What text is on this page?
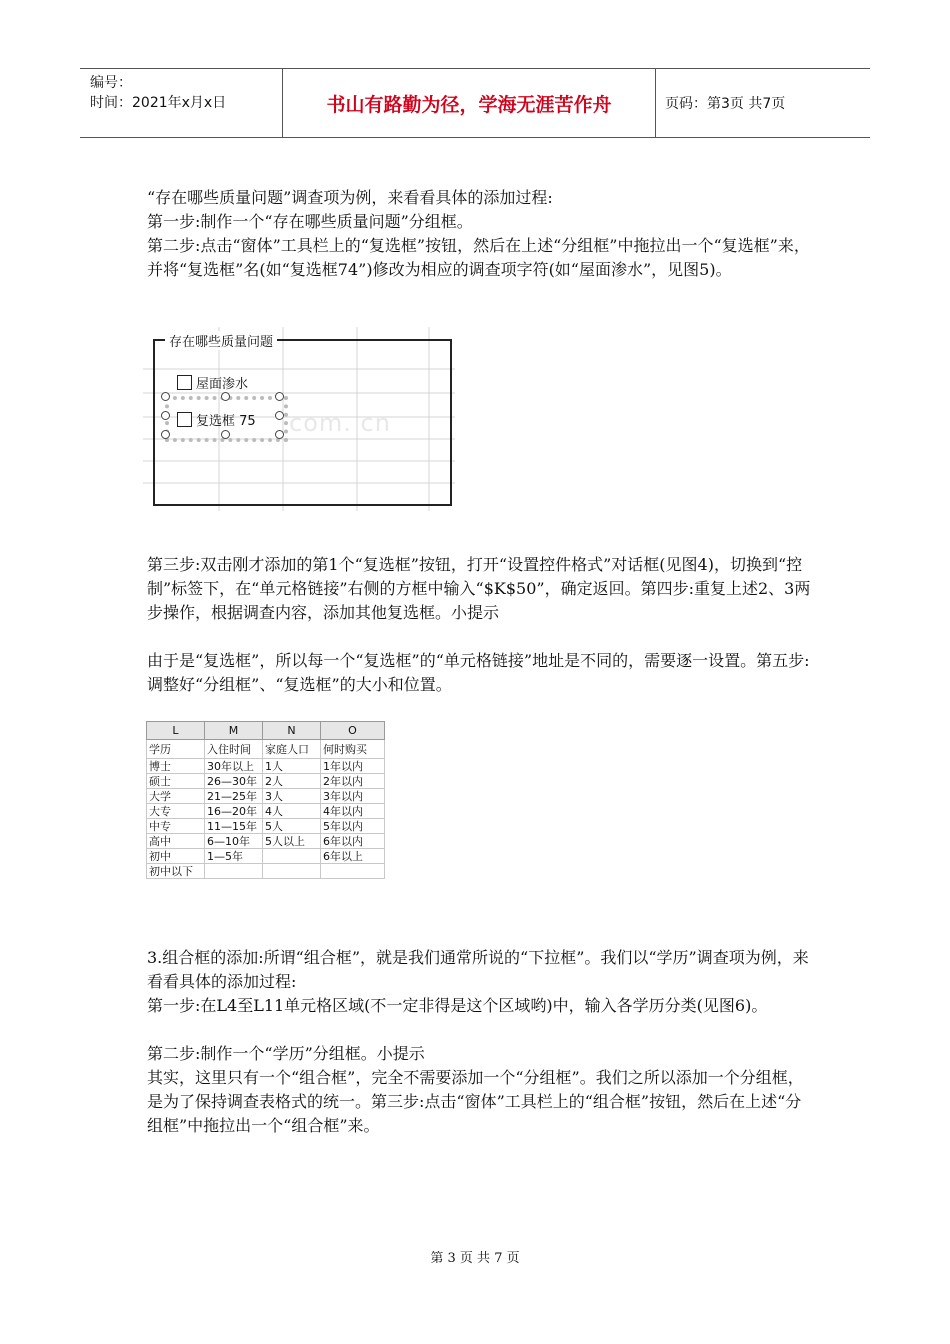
编号：
时间：2021年x月x日	书山有路勤为径，学海无涯苦作舟	页码：第3页 共7页

“存在哪些质量问题”调查项为例，来看看具体的添加过程:

第一步:制作一个“存在哪些质量问题”分组框。

第二步:点击“窗体”工具栏上的“复选框”按钮，然后在上述“分组框”中拖拉出一个“复选框”来，并将“复选框”名(如“复选框74”)修改为相应的调查项字符(如“屋面渗水”，见图5)。

存在哪些质量问题
屋面渗水
复选框 75 com. cn

第三步:双击刚才添加的第1个“复选框”按钮，打开“设置控件格式”对话框(见图4)，切换到“控制”标签下，在“单元格链接”右侧的方框中输入“$K$50”，确定返回。第四步:重复上述2、3两步操作，根据调查内容，添加其他复选框。小提示

由于是“复选框”，所以每一个“复选框”的“单元格链接”地址是不同的，需要逐一设置。第五步:调整好“分组框”、“复选框”的大小和位置。

L	M	N	O
学历	入住时间	家庭人口	何时购买
博士	30年以上	1人	1年以内
硕士	26—30年	2人	2年以内
大学	21—25年	3人	3年以内
大专	16—20年	4人	4年以内
中专	11—15年	5人	5年以内
高中	6—10年	5人以上	6年以内
初中	1—5年		6年以上
初中以下			

3.组合框的添加:所谓“组合框”，就是我们通常所说的“下拉框”。我们以“学历”调查项为例，来看看具体的添加过程:

第一步:在L4至L11单元格区域(不一定非得是这个区域哟)中，输入各学历分类(见图6)。

第二步:制作一个“学历”分组框。小提示

其实，这里只有一个“组合框”，完全不需要添加一个“分组框”。我们之所以添加一个分组框，是为了保持调查表格式的统一。第三步:点击“窗体”工具栏上的“组合框”按钮，然后在上述“分组框”中拖拉出一个“组合框”来。

第 3 页 共 7 页
